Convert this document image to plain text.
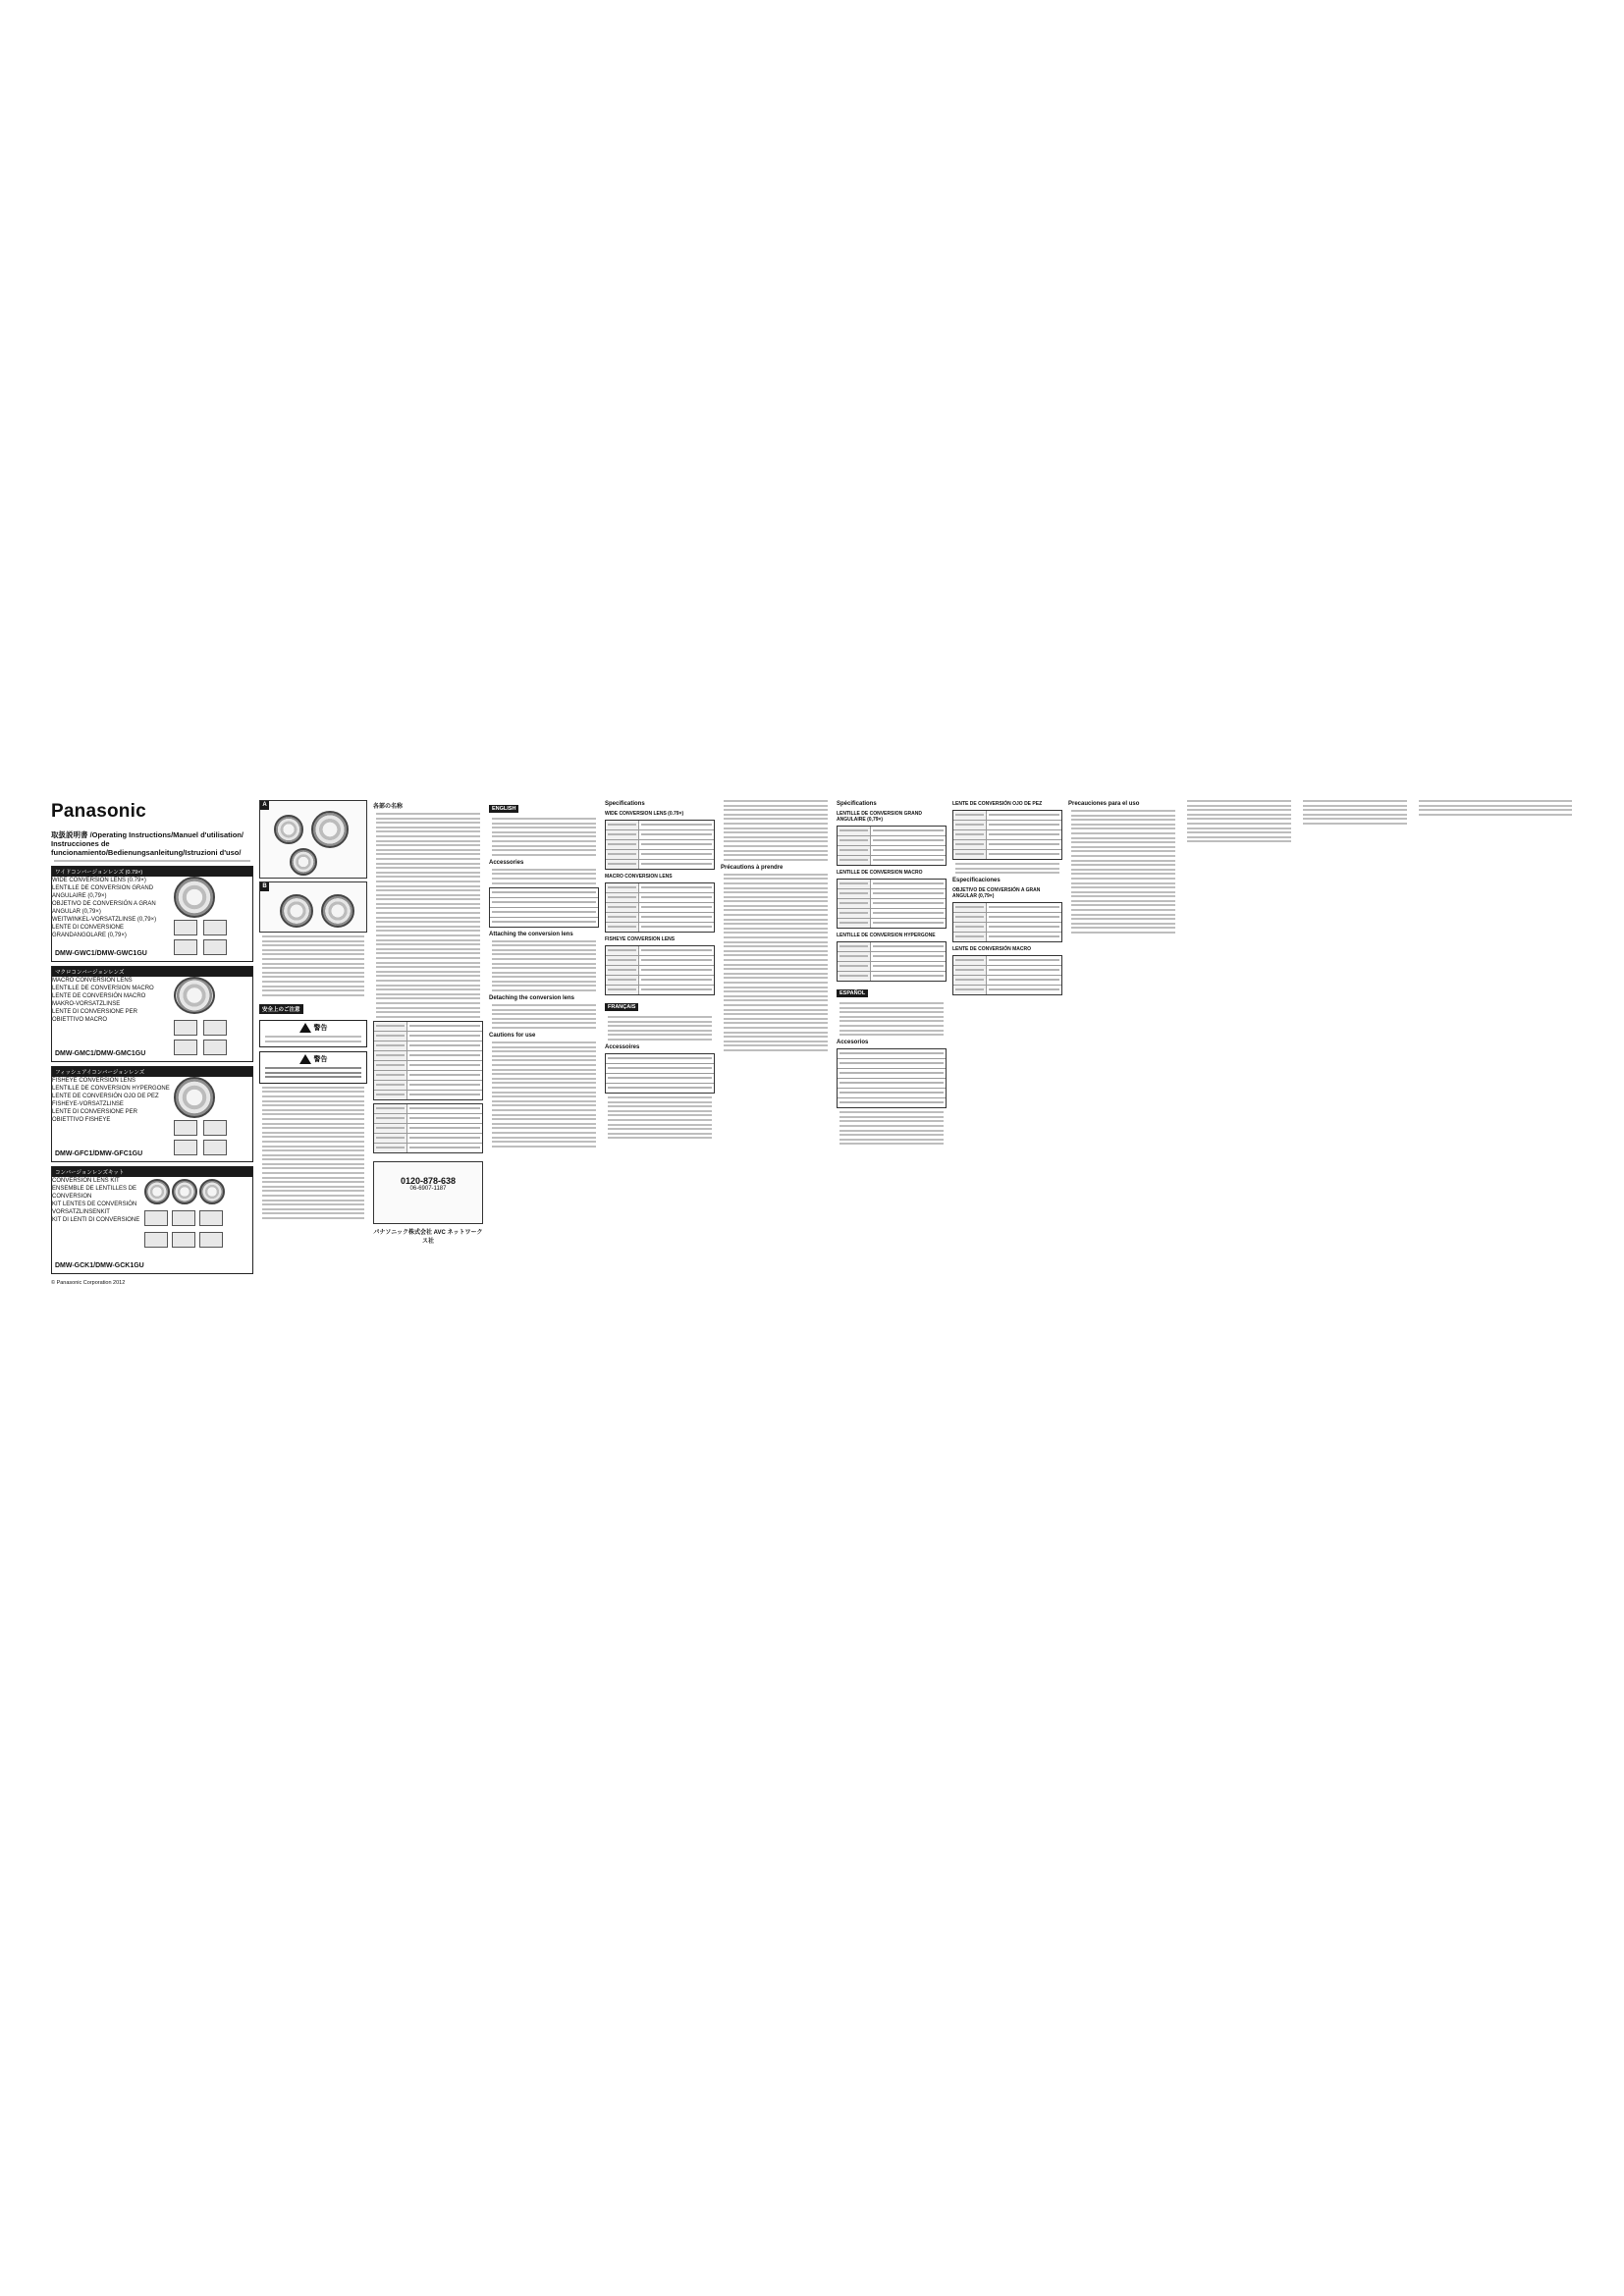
Panasonic
取扱説明書 /Operating Instructions/Manuel d'utilisation/
Instrucciones de funcionamiento/Bedienungsanleitung/Istruzioni d'uso/
ワイドコンバージョンレンズ (0.79×)
WIDE CONVERSION LENS (0.79×)
LENTILLE DE CONVERSION GRAND ANGULAIRE (0,79×)
OBJETIVO DE CONVERSIÓN A GRAN ANGULAR (0,79×)
WEITWINKEL-VORSATZLINSE (0,79×)
LENTE DI CONVERSIONE GRANDANGOLARE (0,79×)
DMW-GWC1/DMW-GWC1GU
マクロコンバージョンレンズ
MACRO CONVERSION LENS
LENTILLE DE CONVERSION MACRO
LENTE DE CONVERSIÓN MACRO
MAKRO-VORSATZLINSE
LENTE DI CONVERSIONE PER OBIETTIVO MACRO
DMW-GMC1/DMW-GMC1GU
フィッシュアイコンバージョンレンズ
FISHEYE CONVERSION LENS
LENTILLE DE CONVERSION HYPERGONE
LENTE DE CONVERSIÓN OJO DE PEZ
FISHEYE-VORSATZLINSE
LENTE DI CONVERSIONE PER OBIETTIVO FISHEYE
DMW-GFC1/DMW-GFC1GU
コンバージョンレンズキット
CONVERSION LENS KIT
ENSEMBLE DE LENTILLES DE CONVERSION
KIT LENTES DE CONVERSIÓN
VORSATZLINSENKIT
KIT DI LENTI DI CONVERSIONE
DMW-GCK1/DMW-GCK1GU
© Panasonic Corporation 2012
A
B
安全上のご注意
警告
警告
各部の名称
0120-878-638
06-6907-1187
パナソニック株式会社 AVC ネットワークス社
ENGLISH
Accessories
Attaching the conversion lens
Detaching the conversion lens
Cautions for use
Specifications
WIDE CONVERSION LENS (0.79×)
MACRO CONVERSION LENS
FISHEYE CONVERSION LENS
FRANÇAIS
Accessoires
Précautions à prendre
Spécifications
LENTILLE DE CONVERSION GRAND ANGULAIRE (0,79×)
LENTILLE DE CONVERSION MACRO
LENTILLE DE CONVERSION HYPERGONE
ESPAÑOL
Accesorios
LENTE DE CONVERSIÓN OJO DE PEZ
Especificaciones
OBJETIVO DE CONVERSIÓN A GRAN ANGULAR (0,79×)
LENTE DE CONVERSIÓN MACRO
Precauciones para el uso
